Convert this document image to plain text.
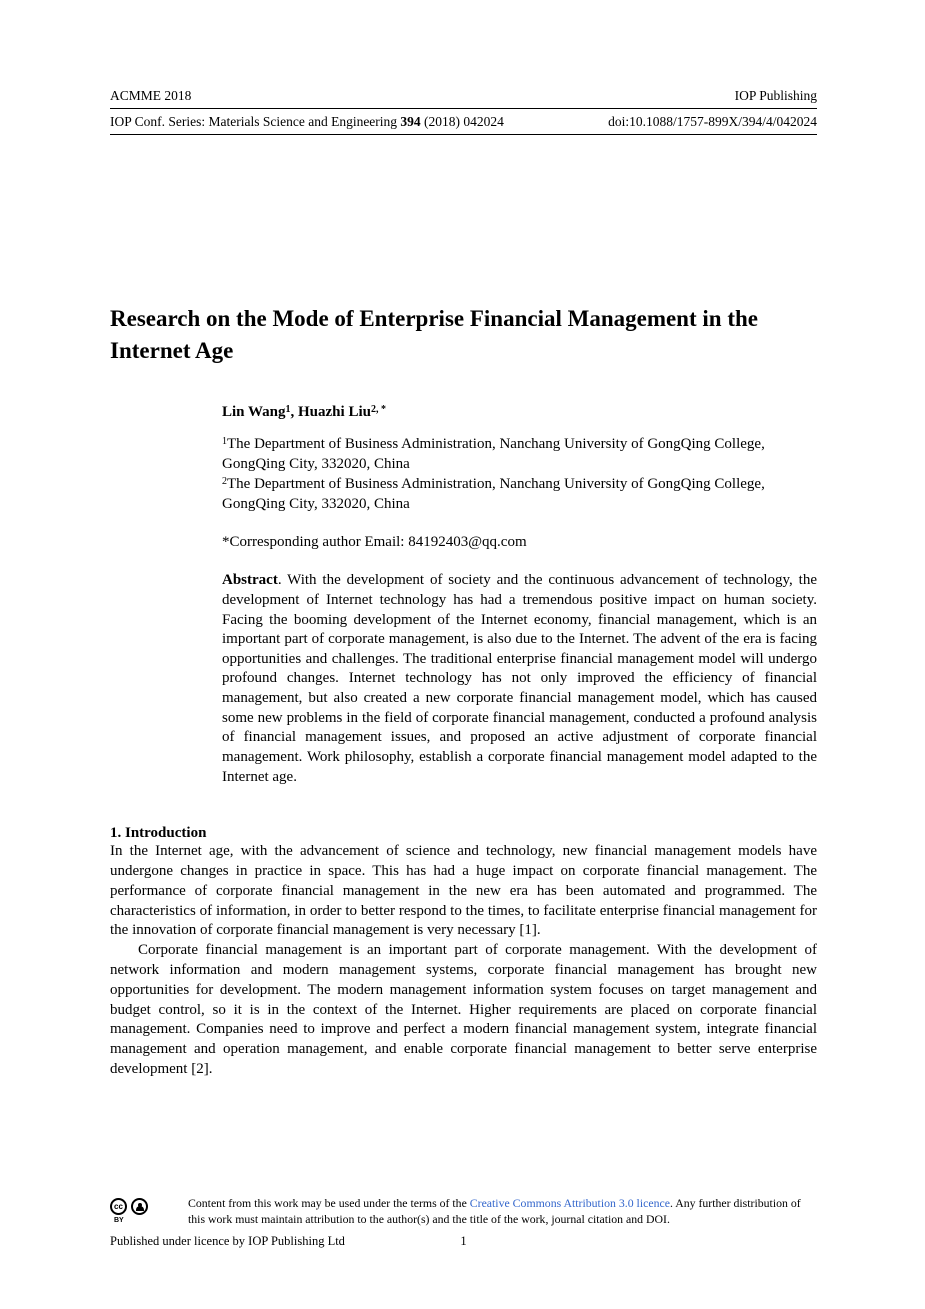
ACMME 2018	IOP Publishing
IOP Conf. Series: Materials Science and Engineering 394 (2018) 042024	doi:10.1088/1757-899X/394/4/042024
Research on the Mode of Enterprise Financial Management in the Internet Age
Lin Wang$^1$, Huazhi Liu$^{2, *}$
$^1$The Department of Business Administration, Nanchang University of GongQing College, GongQing City, 332020, China
$^2$The Department of Business Administration, Nanchang University of GongQing College, GongQing City, 332020, China
*Corresponding author Email: 84192403@qq.com
Abstract. With the development of society and the continuous advancement of technology, the development of Internet technology has had a tremendous positive impact on human society. Facing the booming development of the Internet economy, financial management, which is an important part of corporate management, is also due to the Internet. The advent of the era is facing opportunities and challenges. The traditional enterprise financial management model will undergo profound changes. Internet technology has not only improved the efficiency of financial management, but also created a new corporate financial management model, which has caused some new problems in the field of corporate financial management, conducted a profound analysis of financial management issues, and proposed an active adjustment of corporate financial management. Work philosophy, establish a corporate financial management model adapted to the Internet age.
1. Introduction

In the Internet age, with the advancement of science and technology, new financial management models have undergone changes in practice in space. This has had a huge impact on corporate financial management. The performance of corporate financial management in the new era has been automated and programmed. The characteristics of information, in order to better respond to the times, to facilitate enterprise financial management for the innovation of corporate financial management is very necessary [1].

Corporate financial management is an important part of corporate management. With the development of network information and modern management systems, corporate financial management has brought new opportunities for development. The modern management information system focuses on target management and budget control, so it is in the context of the Internet. Higher requirements are placed on corporate financial management. Companies need to improve and perfect a modern financial management system, integrate financial management and operation management, and enable corporate financial management to better serve enterprise development [2].

cc
BY
Content from this work may be used under the terms of the Creative Commons Attribution 3.0 licence. Any further distribution of this work must maintain attribution to the author(s) and the title of the work, journal citation and DOI.
Published under licence by IOP Publishing Ltd	1
